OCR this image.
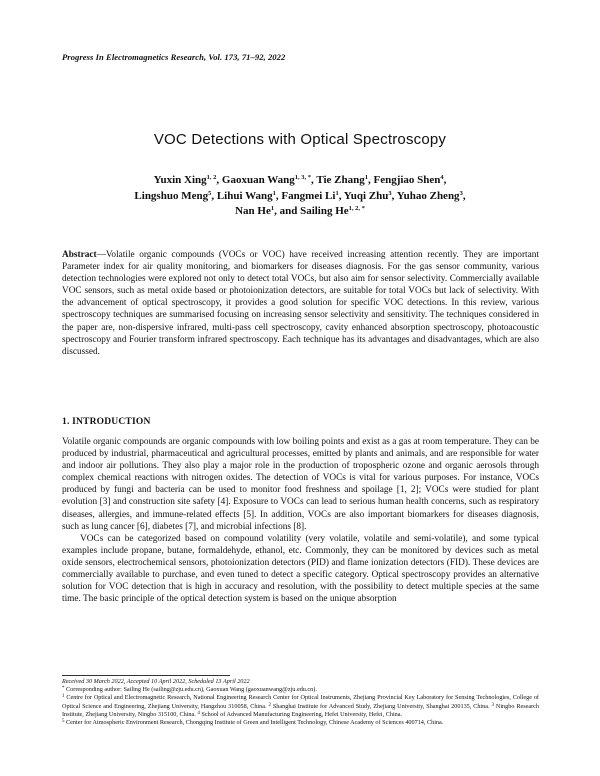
Progress In Electromagnetics Research, Vol. 173, 71–92, 2022
VOC Detections with Optical Spectroscopy
Yuxin Xing$^{1, 2}$, Gaoxuan Wang$^{1, 3, *}$, Tie Zhang$^1$, Fengjiao Shen$^4$,
Lingshuo Meng$^5$, Lihui Wang$^1$, Fangmei Li$^1$, Yuqi Zhu$^3$, Yuhao Zheng$^3$,
Nan He$^1$, and Sailing $He^{1, 2, *}$
Abstract—Volatile organic compounds (VOCs or VOC) have received increasing attention recently. They are important Parameter index for air quality monitoring, and biomarkers for diseases diagnosis. For the gas sensor community, various detection technologies were explored not only to detect total VOCs, but also aim for sensor selectivity. Commercially available VOC sensors, such as metal oxide based or photoionization detectors, are suitable for total VOCs but lack of selectivity. With the advancement of optical spectroscopy, it provides a good solution for specific VOC detections. In this review, various spectroscopy techniques are summarised focusing on increasing sensor selectivity and sensitivity. The techniques considered in the paper are, non-dispersive infrared, multi-pass cell spectroscopy, cavity enhanced absorption spectroscopy, photoacoustic spectroscopy and Fourier transform infrared spectroscopy. Each technique has its advantages and disadvantages, which are also discussed.
1. INTRODUCTION

Volatile organic compounds are organic compounds with low boiling points and exist as a gas at room temperature. They can be produced by industrial, pharmaceutical and agricultural processes, emitted by plants and animals, and are responsible for water and indoor air pollutions. They also play a major role in the production of tropospheric ozone and organic aerosols through complex chemical reactions with nitrogen oxides. The detection of VOCs is vital for various purposes. For instance, VOCs produced by fungi and bacteria can be used to monitor food freshness and spoilage [1, 2]; VOCs were studied for plant evolution [3] and construction site safety [4]. Exposure to VOCs can lead to serious human health concerns, such as respiratory diseases, allergies, and immune-related effects [5]. In addition, VOCs are also important biomarkers for diseases diagnosis, such as lung cancer [6], diabetes [7], and microbial infections [8].

VOCs can be categorized based on compound volatility (very volatile, volatile and semi-volatile), and some typical examples include propane, butane, formaldehyde, ethanol, etc. Commonly, they can be monitored by devices such as metal oxide sensors, electrochemical sensors, photoionization detectors (PID) and flame ionization detectors (FID). These devices are commercially available to purchase, and even tuned to detect a specific category. Optical spectroscopy provides an alternative solution for VOC detection that is high in accuracy and resolution, with the possibility to detect multiple species at the same time. The basic principle of the optical detection system is based on the unique absorption

Received 30 March 2022, Accepted 10 April 2022, Scheduled 13 April 2022
* Corresponding author: Sailing He (sailing@zju.edu.cn), Gaoxuan Wang (gaoxuanwang@zju.edu.cn).
$^1$ Centre for Optical and Electromagnetic Research, National Engineering Research Center for Optical Instruments, Zhejiang Provincial Key Laboratory for Sensing Technologies, College of Optical Science and Engineering, Zhejiang University, Hangzhou 310058, China. $^2$ Shanghai Institute for Advanced Study, Zhejiang University, Shanghai 200135, China. $^3$ Ningbo Research Institute, Zhejiang University, Ningbo 315100, China. $^4$ School of Advanced Manufacturing Engineering, Hefei University, Hefei, China.
$^5$ Center for Atmospheric Environment Research, Chongqing Institute of Green and Intelligent Technology, Chinese Academy of Sciences 400714, China.
